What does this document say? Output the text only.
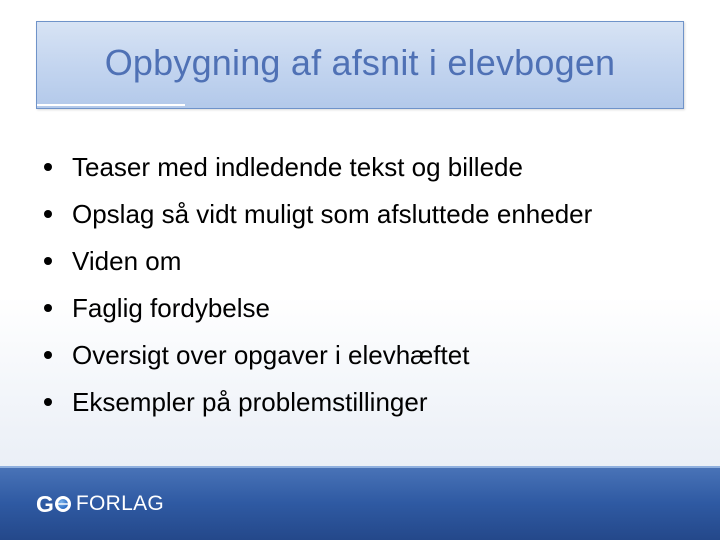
Opbygning af afsnit i elevbogen
Teaser med indledende tekst og billede
Opslag så vidt muligt som afsluttede enheder
Viden om
Faglig fordybelse
Oversigt over opgaver i elevhæftet
Eksempler på problemstillinger
G FORLAG
